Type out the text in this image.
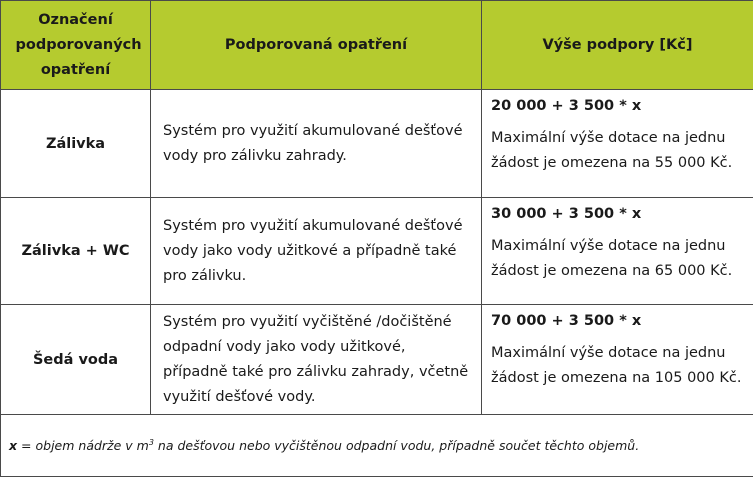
Označení podporovaných opatření	Podporovaná opatření	Výše podpory [Kč]
Zálivka	Systém pro využití akumulované dešťové vody pro zálivku zahrady.	20 000 + 3 500 * x
Maximální výše dotace na jednu žádost je omezena na 55 000 Kč.

Zálivka + WC	Systém pro využití akumulované dešťové vody jako vody užitkové a případně také pro zálivku.	30 000 + 3 500 * x
Maximální výše dotace na jednu žádost je omezena na 65 000 Kč.

Šedá voda	Systém pro využití vyčištěné /dočištěné odpadní vody jako vody užitkové, případně také pro zálivku zahrady, včetně využití dešťové vody.	70 000 + 3 500 * x
Maximální výše dotace na jednu žádost je omezena na 105 000 Kč.

x = objem nádrže v $m^3$ na dešťovou nebo vyčištěnou odpadní vodu, případně součet těchto objemů.		
